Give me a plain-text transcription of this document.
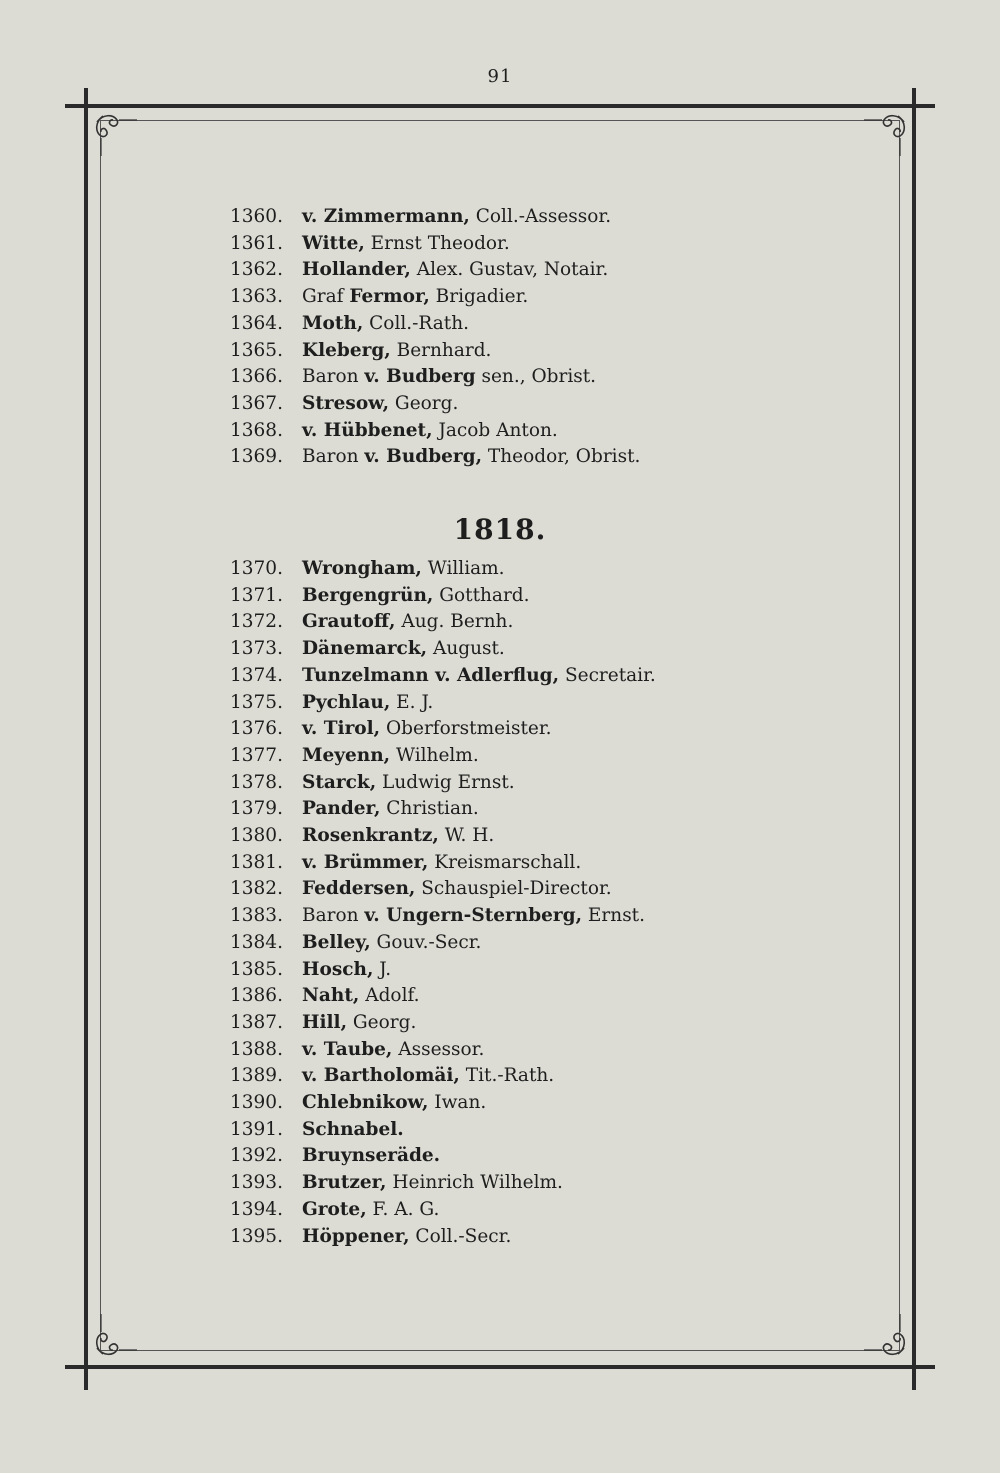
91
1360.	v. Zimmermann, Coll.-Assessor.
1361.	Witte, Ernst Theodor.
1362.	Hollander, Alex. Gustav, Notair.
1363.	Graf Fermor, Brigadier.
1364.	Moth, Coll.-Rath.
1365.	Kleberg, Bernhard.
1366.	Baron v. Budberg sen., Obrist.
1367.	Stresow, Georg.
1368.	v. Hübbenet, Jacob Anton.
1369.	Baron v. Budberg, Theodor, Obrist.
1818.
1370.	Wrongham, William.
1371.	Bergengrün, Gotthard.
1372.	Grautoff, Aug. Bernh.
1373.	Dänemarck, August.
1374.	Tunzelmann v. Adlerflug, Secretair.
1375.	Pychlau, E. J.
1376.	v. Tirol, Oberforstmeister.
1377.	Meyenn, Wilhelm.
1378.	Starck, Ludwig Ernst.
1379.	Pander, Christian.
1380.	Rosenkrantz, W. H.
1381.	v. Brümmer, Kreismarschall.
1382.	Feddersen, Schauspiel-Director.
1383.	Baron v. Ungern-Sternberg, Ernst.
1384.	Belley, Gouv.-Secr.
1385.	Hosch, J.
1386.	Naht, Adolf.
1387.	Hill, Georg.
1388.	v. Taube, Assessor.
1389.	v. Bartholomäi, Tit.-Rath.
1390.	Chlebnikow, Iwan.
1391.	Schnabel.
1392.	Bruynseräde.
1393.	Brutzer, Heinrich Wilhelm.
1394.	Grote, F. A. G.
1395.	Höppener, Coll.-Secr.
